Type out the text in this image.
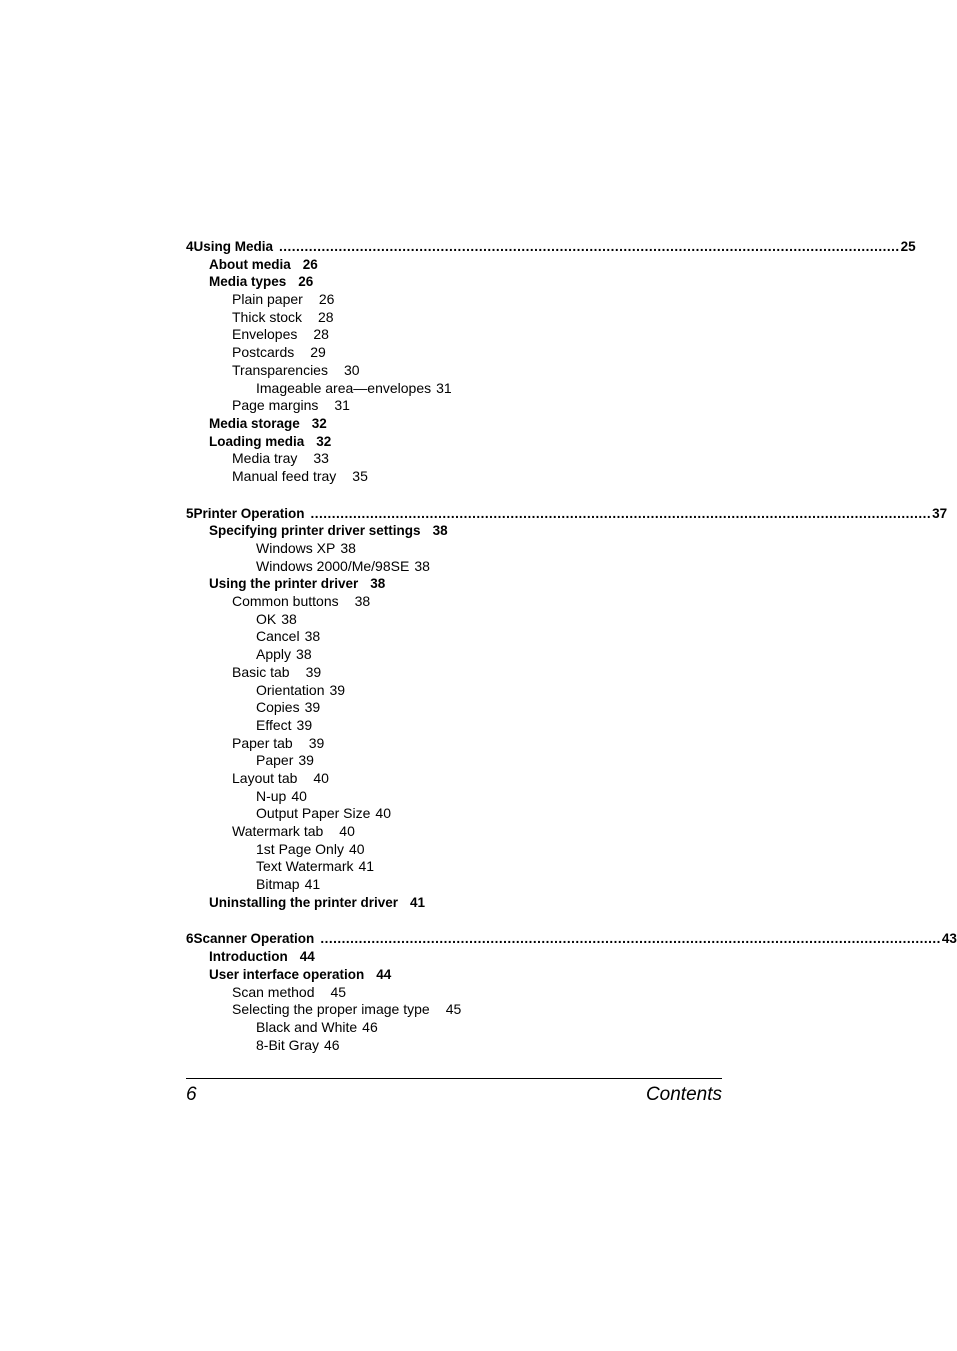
4 Using Media .................................................................................................................................................. 25
About media 26
Media types 26
Plain paper 26
Thick stock 28
Envelopes 28
Postcards 29
Transparencies 30
Imageable area—envelopes 31
Page margins 31
Media storage 32
Loading media 32
Media tray 33
Manual feed tray 35
5 Printer Operation .................................................................................................................................................. 37
Specifying printer driver settings 38
Windows XP 38
Windows 2000/Me/98SE 38
Using the printer driver 38
Common buttons 38
OK 38
Cancel 38
Apply 38
Basic tab 39
Orientation 39
Copies 39
Effect 39
Paper tab 39
Paper 39
Layout tab 40
N-up 40
Output Paper Size 40
Watermark tab 40
1st Page Only 40
Text Watermark 41
Bitmap 41
Uninstalling the printer driver 41
6 Scanner Operation .................................................................................................................................................. 43
Introduction 44
User interface operation 44
Scan method 45
Selecting the proper image type 45
Black and White 46
8-Bit Gray 46
6	Contents
